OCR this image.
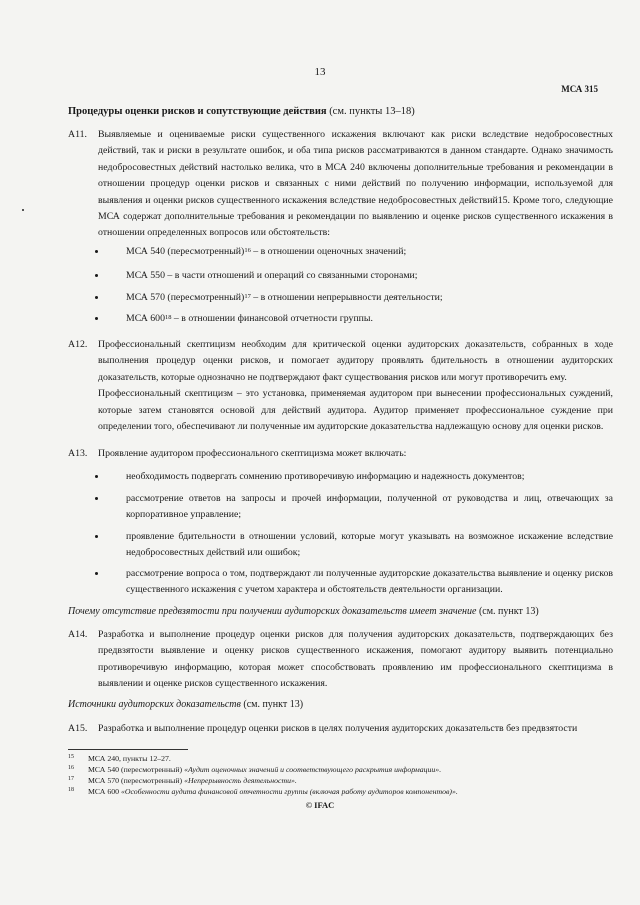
13
МСА 315
Процедуры оценки рисков и сопутствующие действия (см. пункты 13–18)
A11. Выявляемые и оцениваемые риски существенного искажения включают как риски вследствие недобросовестных действий, так и риски в результате ошибок, и оба типа рисков рассматриваются в данном стандарте. Однако значимость недобросовестных действий настолько велика, что в МСА 240 включены дополнительные требования и рекомендации в отношении процедур оценки рисков и связанных с ними действий по получению информации, используемой для выявления и оценки рисков существенного искажения вследствие недобросовестных действий15. Кроме того, следующие МСА содержат дополнительные требования и рекомендации по выявлению и оценке рисков существенного искажения в отношении определенных вопросов или обстоятельств:
МСА 540 (пересмотренный)$^{16}$ – в отношении оценочных значений;
МСА 550 – в части отношений и операций со связанными сторонами;
МСА 570 (пересмотренный)$^{17}$ – в отношении непрерывности деятельности;
МСА $600^{18}$ – в отношении финансовой отчетности группы.
A12. Профессиональный скептицизм необходим для критической оценки аудиторских доказательств, собранных в ходе выполнения процедур оценки рисков, и помогает аудитору проявлять бдительность в отношении аудиторских доказательств, которые однозначно не подтверждают факт существования рисков или могут противоречить ему.
Профессиональный скептицизм – это установка, применяемая аудитором при вынесении профессиональных суждений, которые затем становятся основой для действий аудитора. Аудитор применяет профессиональное суждение при определении того, обеспечивают ли полученные им аудиторские доказательства надлежащую основу для оценки рисков.
A13. Проявление аудитором профессионального скептицизма может включать:
необходимость подвергать сомнению противоречивую информацию и надежность документов;
рассмотрение ответов на запросы и прочей информации, полученной от руководства и лиц, отвечающих за корпоративное управление;
проявление бдительности в отношении условий, которые могут указывать на возможное искажение вследствие недобросовестных действий или ошибок;
рассмотрение вопроса о том, подтверждают ли полученные аудиторские доказательства выявление и оценку рисков существенного искажения с учетом характера и обстоятельств деятельности организации.
Почему отсутствие предвзятости при получении аудиторских доказательств имеет значение (см. пункт 13)
A14. Разработка и выполнение процедур оценки рисков для получения аудиторских доказательств, подтверждающих без предвзятости выявление и оценку рисков существенного искажения, помогают аудитору выявить потенциально противоречивую информацию, которая может способствовать проявлению им профессионального скептицизма в выявлении и оценке рисков существенного искажения.
Источники аудиторских доказательств (см. пункт 13)
A15. Разработка и выполнение процедур оценки рисков в целях получения аудиторских доказательств без предвзятости
15 МСА 240, пункты 12–27.
16 МСА 540 (пересмотренный) «Аудит оценочных значений и соответствующего раскрытия информации».
17 МСА 570 (пересмотренный) «Непрерывность деятельности».
18 МСА 600 «Особенности аудита финансовой отчетности группы (включая работу аудиторов компонентов)».
© IFAC
